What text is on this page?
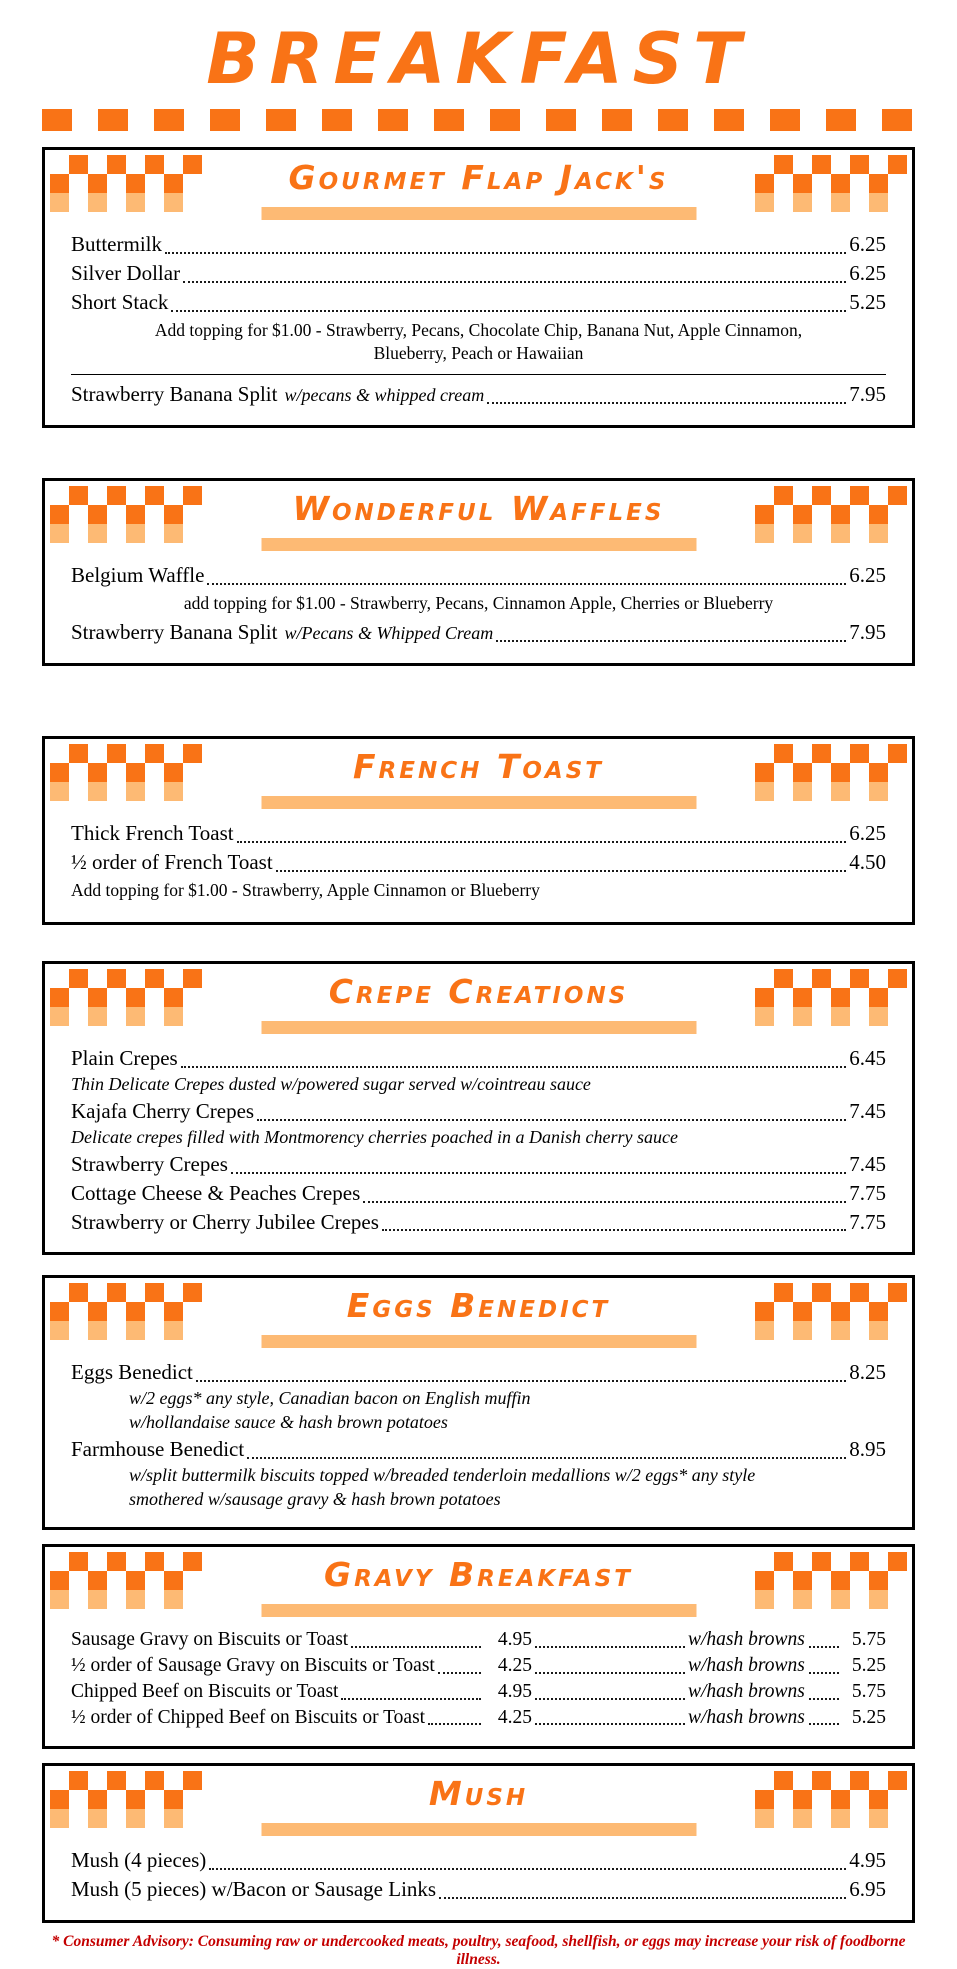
BREAKFAST
Gourmet Flap Jack's
Buttermilk	6.25
Silver Dollar	6.25
Short Stack	5.25
Add topping for $1.00 - Strawberry, Pecans, Chocolate Chip, Banana Nut, Apple Cinnamon, Blueberry, Peach or Hawaiian
Strawberry Banana Split w/pecans & whipped cream	7.95
Wonderful Waffles
Belgium Waffle	6.25
add topping for $1.00 - Strawberry, Pecans, Cinnamon Apple, Cherries or Blueberry
Strawberry Banana Split w/Pecans & Whipped Cream	7.95
French Toast
Thick French Toast	6.25
½ order of French Toast	4.50
Add topping for $1.00 - Strawberry, Apple Cinnamon or Blueberry
Crepe Creations
Plain Crepes	6.45
Thin Delicate Crepes dusted w/powered sugar served w/cointreau sauce
Kajafa Cherry Crepes	7.45
Delicate crepes filled with Montmorency cherries poached in a Danish cherry sauce
Strawberry Crepes	7.45
Cottage Cheese & Peaches Crepes	7.75
Strawberry or Cherry Jubilee Crepes	7.75
Eggs Benedict
Eggs Benedict	8.25
w/2 eggs* any style, Canadian bacon on English muffin
w/hollandaise sauce & hash brown potatoes
Farmhouse Benedict	8.95
w/split buttermilk biscuits topped w/breaded tenderloin medallions w/2 eggs* any style
smothered w/sausage gravy & hash brown potatoes
Gravy Breakfast
Sausage Gravy on Biscuits or Toast	4.95	w/hash browns	5.75
½ order of Sausage Gravy on Biscuits or Toast	4.25	w/hash browns	5.25
Chipped Beef on Biscuits or Toast	4.95	w/hash browns	5.75
½ order of Chipped Beef on Biscuits or Toast	4.25	w/hash browns	5.25
Mush
Mush (4 pieces)	4.95
Mush (5 pieces) w/Bacon or Sausage Links	6.95
* Consumer Advisory: Consuming raw or undercooked meats, poultry, seafood, shellfish, or eggs may increase your risk of foodborne illness.
